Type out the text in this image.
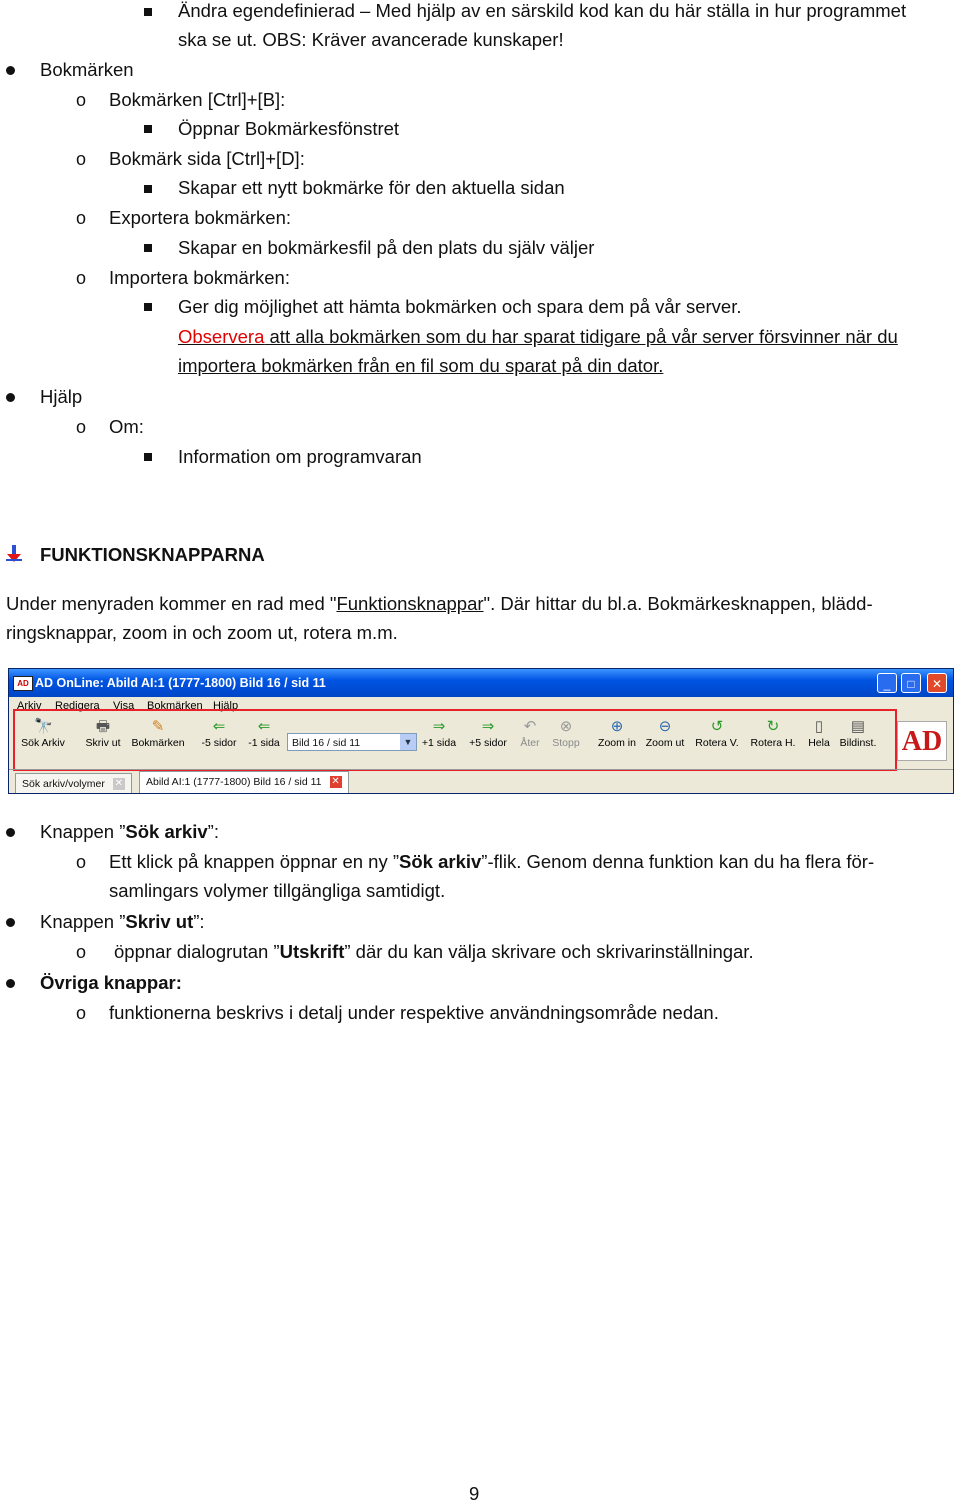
Ändra egendefinierad – Med hjälp av en särskild kod kan du här ställa in hur programmet
ska se ut. OBS: Kräver avancerade kunskaper!
Bokmärken
o Bokmärken [Ctrl]+[B]:
Öppnar Bokmärkesfönstret
o Bokmärk sida [Ctrl]+[D]:
Skapar ett nytt bokmärke för den aktuella sidan
o Exportera bokmärken:
Skapar en bokmärkesfil på den plats du själv väljer
o Importera bokmärken:
Ger dig möjlighet att hämta bokmärken och spara dem på vår server.
Observera att alla bokmärken som du har sparat tidigare på vår server försvinner när du
importera bokmärken från en fil som du sparat på din dator.
Hjälp
o Om:
Information om programvaran
FUNKTIONSKNAPPARNA
Under menyraden kommer en rad med "Funktionsknappar". Där hittar du bl.a. Bokmärkesknappen, blädd-
ringsknappar, zoom in och zoom ut, rotera m.m.
AD AD OnLine: Abild AI:1 (1777-1800) Bild 16 / sid 11	_	□	✕
Arkiv Redigera Visa Bokmärken Hjälp
🔭
Sök Arkiv
🖶
Skriv ut
✎
Bokmärken
⇐
-5 sidor
⇐
-1 sida	Bild 16 / sid 11	▼
⇒
+1 sida
⇒
+5 sidor
↶
Åter
⊗
Stopp
⊕
Zoom in
⊖
Zoom ut
↺
Rotera V.
↻
Rotera H.
▯
Hela
▤
Bildinst. AD
Sök arkiv/volymer ✕	Abild AI:1 (1777-1800) Bild 16 / sid 11 ✕
Knappen ”Sök arkiv”:
o Ett klick på knappen öppnar en ny ”Sök arkiv”-flik. Genom denna funktion kan du ha flera för-
samlingars volymer tillgängliga samtidigt.
Knappen ”Skriv ut”:
o öppnar dialogrutan ”Utskrift” där du kan välja skrivare och skrivarinställningar.
Övriga knappar:
o funktionerna beskrivs i detalj under respektive användningsområde nedan.
9
